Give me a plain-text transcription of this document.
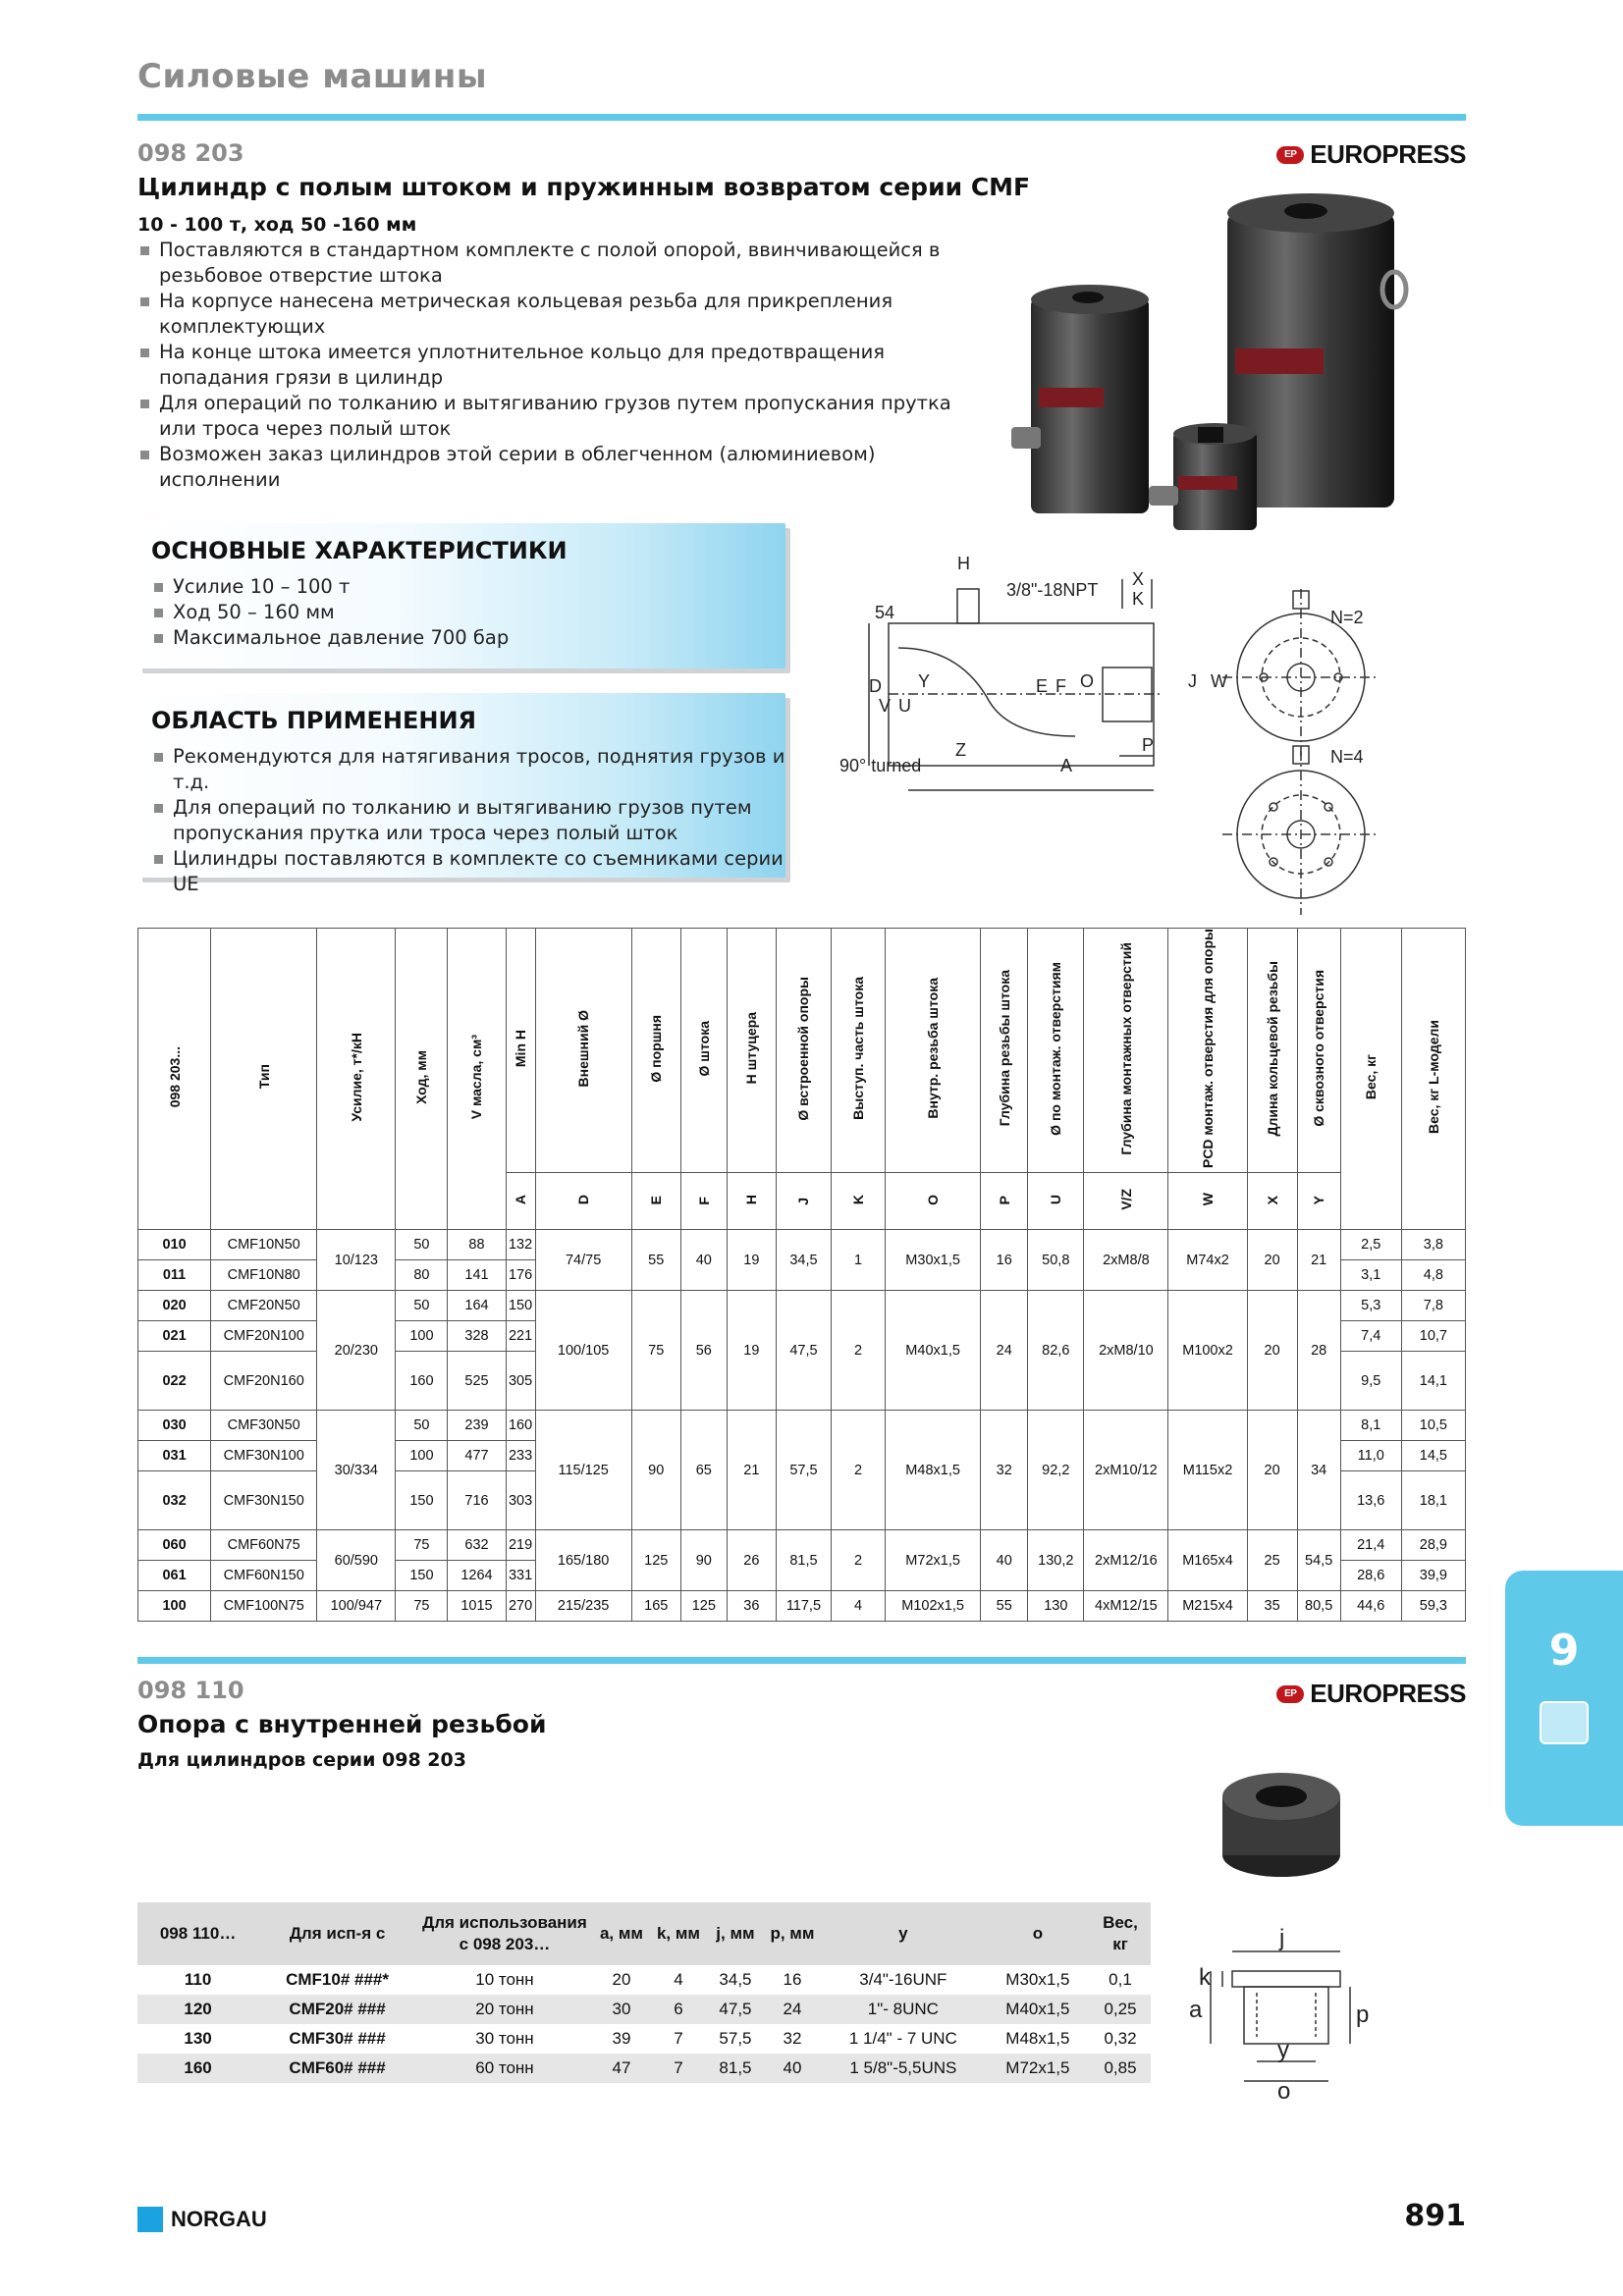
Силовые машины
098 203
Цилиндр с полым штоком и пружинным возвратом серии CMF
10 - 100 т, ход 50 -160 мм
EP EUROPRESS
Поставляются в стандартном комплекте с полой опорой, ввинчивающейся в резьбовое отверстие штока
На корпусе нанесена метрическая кольцевая резьба для прикрепления комплектующих
На конце штока имеется уплотнительное кольцо для предотвращения попадания грязи в цилиндр
Для операций по толканию и вытягиванию грузов путем пропускания прутка или троса через полый шток
Возможен заказ цилиндров этой серии в облегченном (алюминиевом) исполнении
ОСНОВНЫЕ ХАРАКТЕРИСТИКИ
Усилие 10 – 100 т
Ход 50 – 160 мм
Максимальное давление 700 бар
ОБЛАСТЬ ПРИМЕНЕНИЯ
Рекомендуются для натягивания тросов, поднятия грузов и т.д.
Для операций по толканию и вытягиванию грузов путем пропускания прутка или троса через полый шток
Цилиндры поставляются в комплекте со съемниками серии UE
H
3/8"-18NPT
X
K
54
D
U
Y
V
E F O	J W
P
Z
A
90° turned
N=2
N=4
098 203...	Тип	Усилие, т*/кН	Ход, мм	V масла, см³	Min H	Внешний Ø	Ø поршня	Ø штока	H штуцера	Ø встроенной опоры	Выступ. часть штока	Внутр. резьба штока	Глубина резьбы штока	Ø по монтаж. отверстиям	Глубина монтажных отверстий	PCD монтаж. отверстия для опоры	Длина кольцевой резьбы	Ø сквозного отверстия	Вес, кг	Вес, кг L-модели
					A	D	E	F	H	J	K	O	P	U	V/Z	W	X	Y		
010	CMF10N50	10/123	50	88	132	74/75	55	40	19	34,5	1	M30x1,5	16	50,8	2xM8/8	M74x2	20	21	2,5	3,8
011	CMF10N80		80	141	176														3,1	4,8
020	CMF20N50	20/230	50	164	150	100/105	75	56	19	47,5	2	M40x1,5	24	82,6	2xM8/10	M100x2	20	28	5,3	7,8
021	CMF20N100		100	328	221														7,4	10,7
022	CMF20N160		160	525	305														9,5	14,1
030	CMF30N50	30/334	50	239	160	115/125	90	65	21	57,5	2	M48x1,5	32	92,2	2xM10/12	M115x2	20	34	8,1	10,5
031	CMF30N100		100	477	233														11,0	14,5
032	CMF30N150		150	716	303														13,6	18,1
060	CMF60N75	60/590	75	632	219	165/180	125	90	26	81,5	2	M72x1,5	40	130,2	2xM12/16	M165x4	25	54,5	21,4	28,9
061	CMF60N150		150	1264	331														28,6	39,9
100	CMF100N75	100/947	75	1015	270	215/235	165	125	36	117,5	4	M102x1,5	55	130	4xM12/15	M215x4	35	80,5	44,6	59,3
098 110
Опора с внутренней резьбой
Для цилиндров серии 098 203
EP EUROPRESS
098 110…	Для исп-я с	Для использования с 098 203…	a, мм	k, мм	j, мм	p, мм	y	o	Вес, кг
110	CMF10# ###*	10 тонн	20	4	34,5	16	3/4"-16UNF	M30x1,5	0,1
120	CMF20# ###	20 тонн	30	6	47,5	24	1"- 8UNC	M40x1,5	0,25
130	CMF30# ###	30 тонн	39	7	57,5	32	1 1/4" - 7 UNC	M48x1,5	0,32
160	CMF60# ###	60 тонн	47	7	81,5	40	1 5/8"-5,5UNS	M72x1,5	0,85
j
k
a	p
y
o
9
NORGAU	891
